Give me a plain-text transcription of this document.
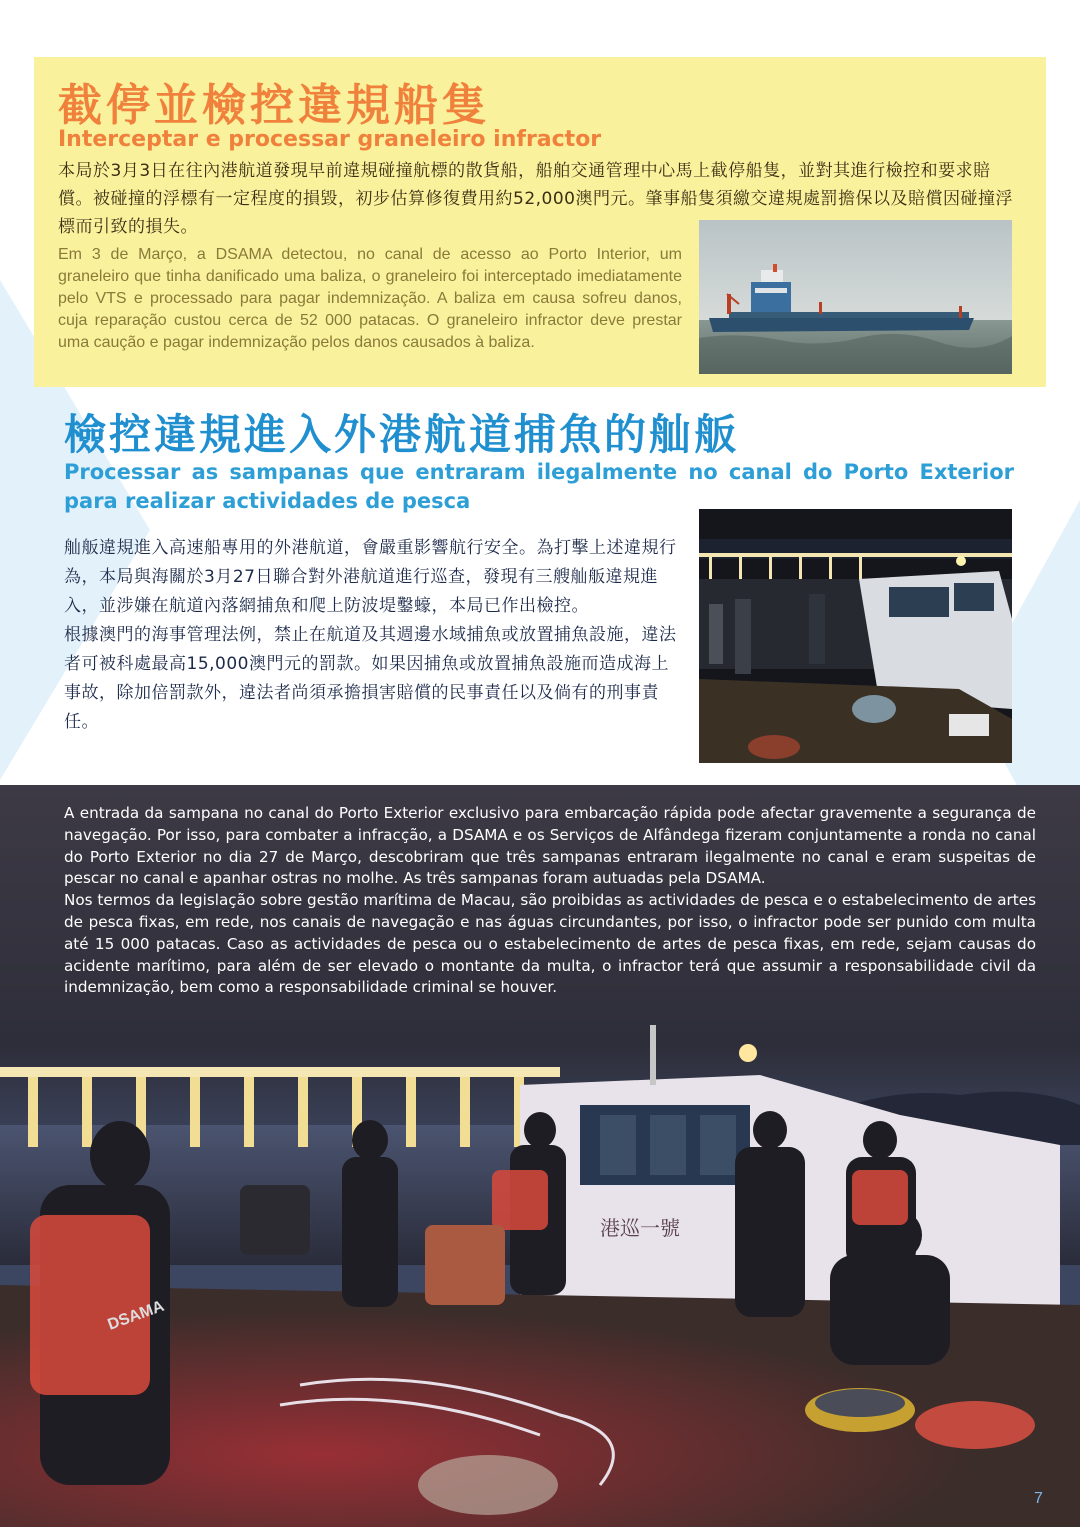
截停並檢控違規船隻
Interceptar e processar graneleiro infractor
本局於3月3日在往內港航道發現早前違規碰撞航標的散貨船，船舶交通管理中心馬上截停船隻，並對其進行檢控和要求賠償。被碰撞的浮標有一定程度的損毀，初步估算修復費用約52,000澳門元。肇事船隻須繳交違規處罰擔保以及賠償因碰撞浮標而引致的損失。
Em 3 de Março, a DSAMA detectou, no canal de acesso ao Porto Interior, um graneleiro que tinha danificado uma baliza, o graneleiro foi interceptado imediatamente pelo VTS e processado para pagar indemnização. A baliza em causa sofreu danos, cuja reparação custou cerca de 52 000 patacas. O graneleiro infractor deve prestar uma caução e pagar indemnização pelos danos causados à baliza.
檢控違規進入外港航道捕魚的舢舨
Processar as sampanas que entraram ilegalmente no canal do Porto Exterior para realizar actividades de pesca

舢舨違規進入高速船專用的外港航道，會嚴重影響航行安全。為打擊上述違規行為，本局與海關於3月27日聯合對外港航道進行巡查，發現有三艘舢舨違規進入，並涉嫌在航道內落網捕魚和爬上防波堤鑿蠔，本局已作出檢控。

根據澳門的海事管理法例，禁止在航道及其週邊水域捕魚或放置捕魚設施，違法者可被科處最高15,000澳門元的罰款。如果因捕魚或放置捕魚設施而造成海上事故，除加倍罰款外，違法者尚須承擔損害賠償的民事責任以及倘有的刑事責任。

港巡一號
DSAMA

A entrada da sampana no canal do Porto Exterior exclusivo para embarcação rápida pode afectar gravemente a segurança de navegação. Por isso, para combater a infracção, a DSAMA e os Serviços de Alfândega fizeram conjuntamente a ronda no canal do Porto Exterior no dia 27 de Março, descobriram que três sampanas entraram ilegalmente no canal e eram suspeitas de pescar no canal e apanhar ostras no molhe. As três sampanas foram autuadas pela DSAMA.

Nos termos da legislação sobre gestão marítima de Macau, são proibidas as actividades de pesca e o estabelecimento de artes de pesca fixas, em rede, nos canais de navegação e nas águas circundantes, por isso, o infractor pode ser punido com multa até 15 000 patacas. Caso as actividades de pesca ou o estabelecimento de artes de pesca fixas, em rede, sejam causas do acidente marítimo, para além de ser elevado o montante da multa, o infractor terá que assumir a responsabilidade civil da indemnização, bem como a responsabilidade criminal se houver.

7
